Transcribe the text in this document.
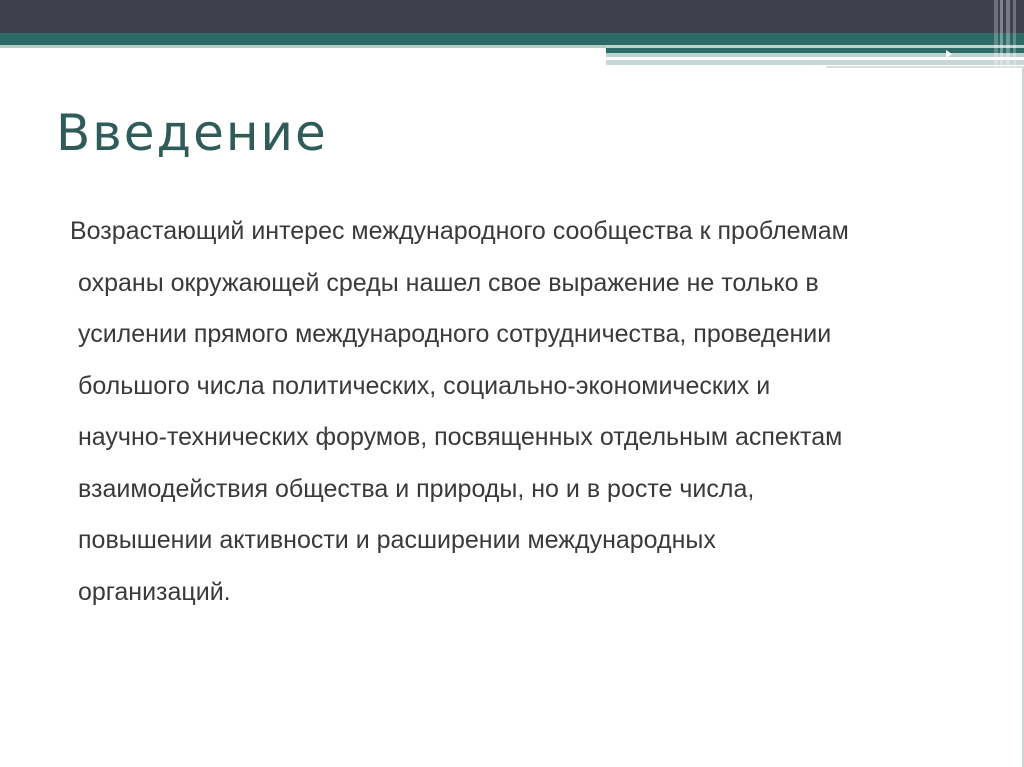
Введение
Возрастающий интерес международного сообщества к проблемам
охраны окружающей среды нашел свое выражение не только в
усилении прямого международного сотрудничества, проведении
большого числа политических, социально-экономических и
научно-технических форумов, посвященных отдельным аспектам
взаимодействия общества и природы, но и в росте числа,
повышении активности и расширении международных
организаций.
